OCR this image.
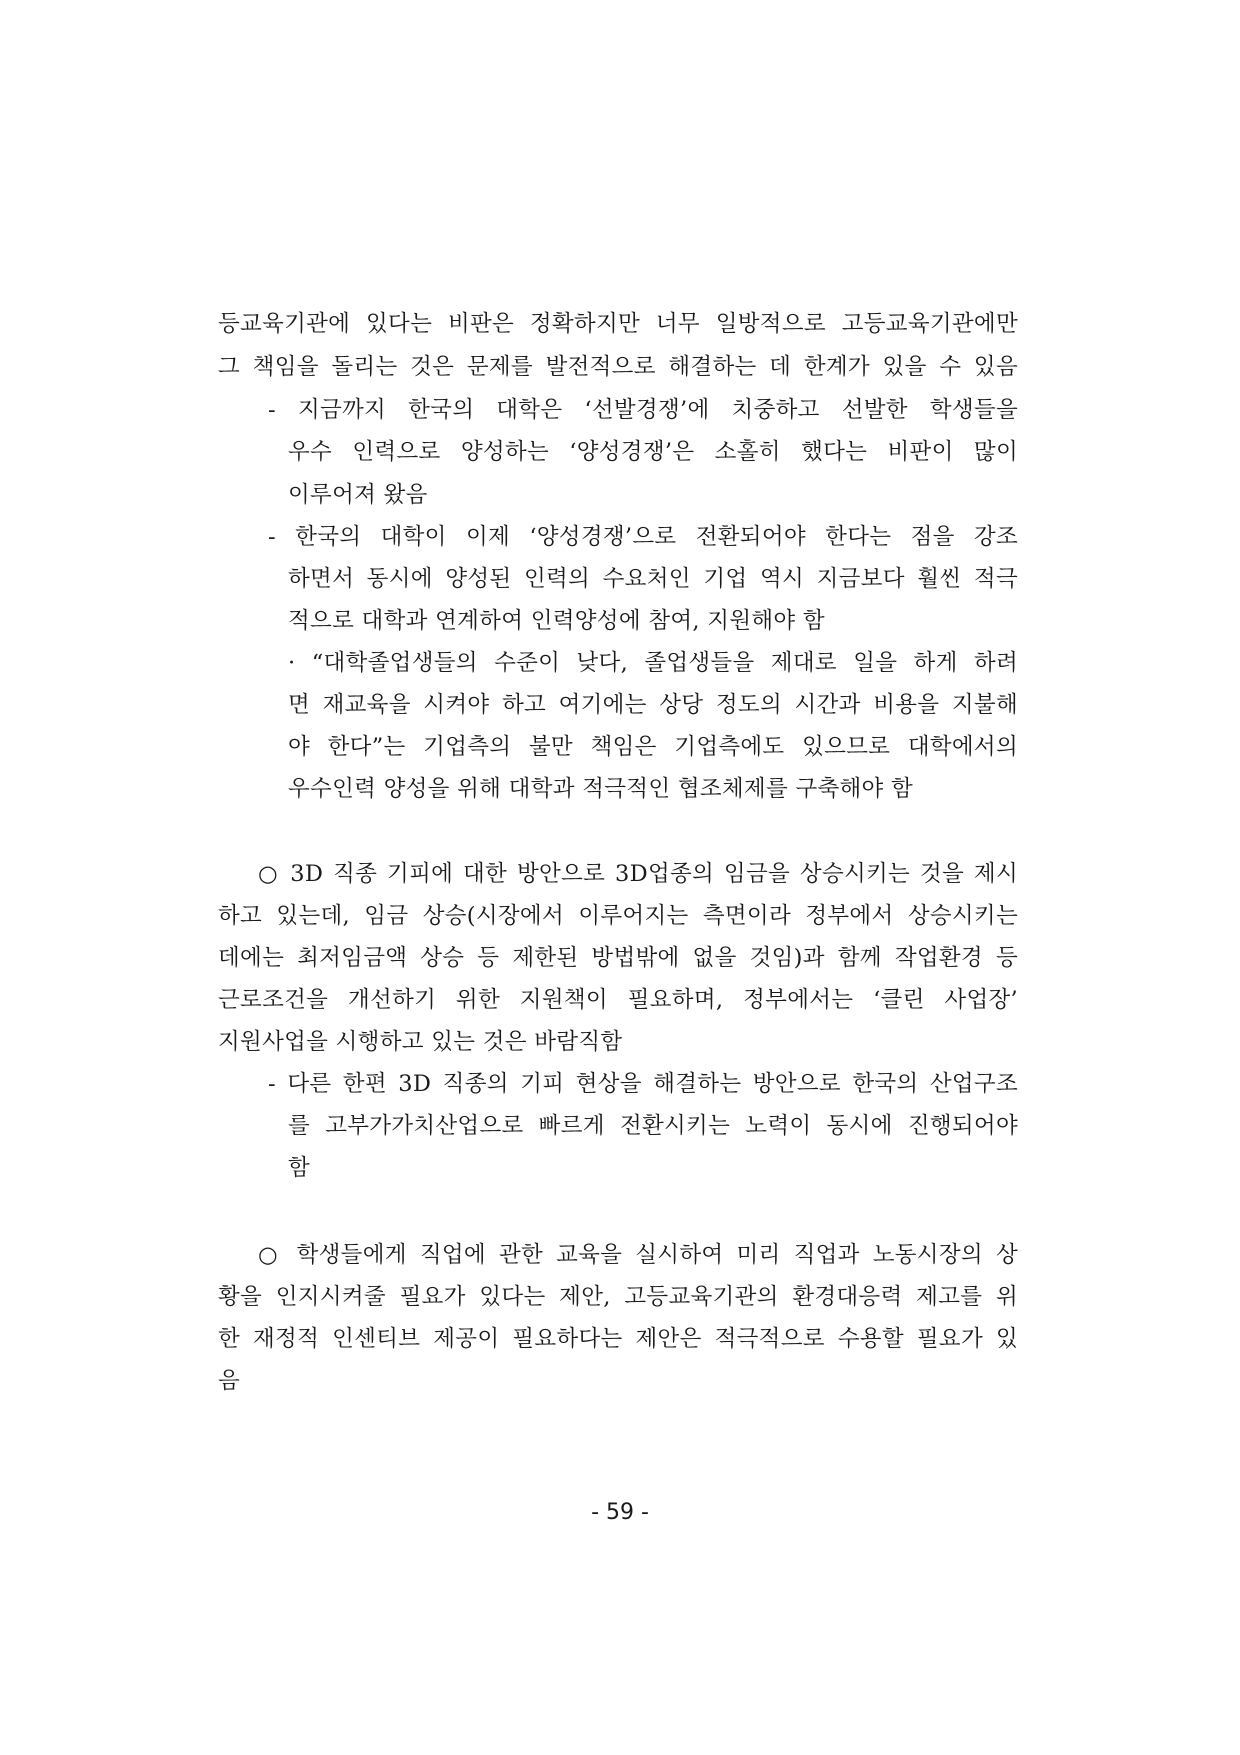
등교육기관에 있다는 비판은 정확하지만 너무 일방적으로 고등교육기관에만
그 책임을 돌리는 것은 문제를 발전적으로 해결하는 데 한계가 있을 수 있음
- 지금까지 한국의 대학은 ‘선발경쟁’에 치중하고 선발한 학생들을
우수 인력으로 양성하는 ‘양성경쟁’은 소홀히 했다는 비판이 많이
이루어져 왔음
- 한국의 대학이 이제 ‘양성경쟁’으로 전환되어야 한다는 점을 강조
하면서 동시에 양성된 인력의 수요처인 기업 역시 지금보다 훨씬 적극
적으로 대학과 연계하여 인력양성에 참여, 지원해야 함
· “대학졸업생들의 수준이 낮다, 졸업생들을 제대로 일을 하게 하려
면 재교육을 시켜야 하고 여기에는 상당 정도의 시간과 비용을 지불해
야 한다”는 기업측의 불만 책임은 기업측에도 있으므로 대학에서의
우수인력 양성을 위해 대학과 적극적인 협조체제를 구축해야 함
○ 3D 직종 기피에 대한 방안으로 3D업종의 임금을 상승시키는 것을 제시
하고 있는데, 임금 상승(시장에서 이루어지는 측면이라 정부에서 상승시키는
데에는 최저임금액 상승 등 제한된 방법밖에 없을 것임)과 함께 작업환경 등
근로조건을 개선하기 위한 지원책이 필요하며, 정부에서는 ‘클린 사업장’
지원사업을 시행하고 있는 것은 바람직함
- 다른 한편 3D 직종의 기피 현상을 해결하는 방안으로 한국의 산업구조
를 고부가가치산업으로 빠르게 전환시키는 노력이 동시에 진행되어야
함
○ 학생들에게 직업에 관한 교육을 실시하여 미리 직업과 노동시장의 상
황을 인지시켜줄 필요가 있다는 제안, 고등교육기관의 환경대응력 제고를 위
한 재정적 인센티브 제공이 필요하다는 제안은 적극적으로 수용할 필요가 있
음
- 59 -
